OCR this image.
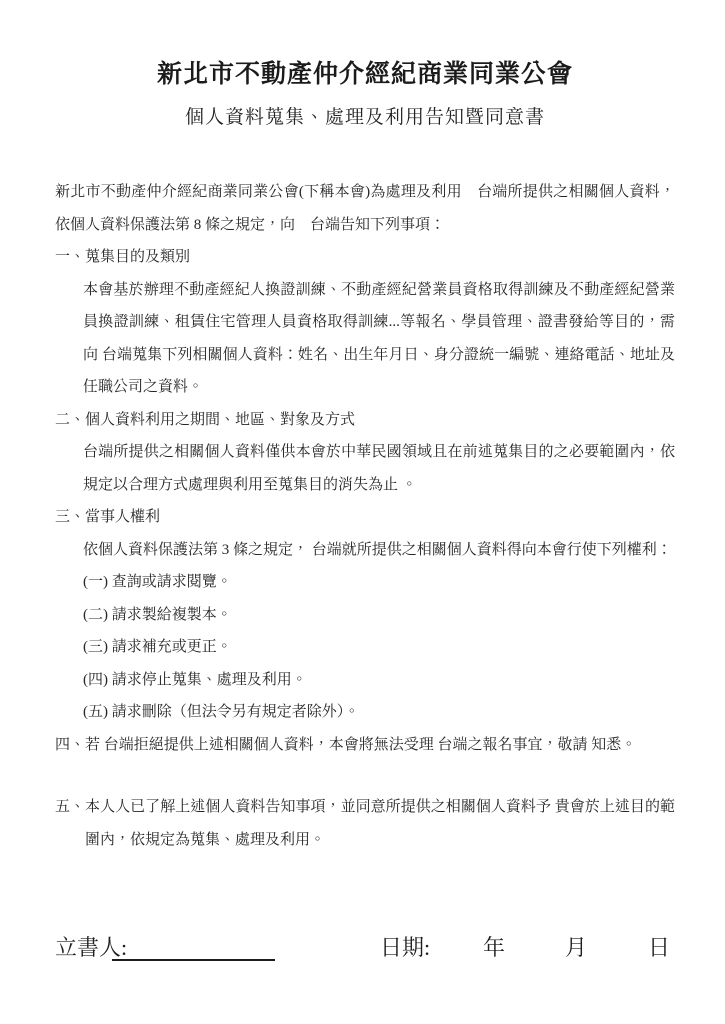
新北市不動產仲介經紀商業同業公會
個人資料蒐集、處理及利用告知暨同意書

新北市不動產仲介經紀商業同業公會(下稱本會)為處理及利用　台端所提供之相關個人資料，依個人資料保護法第 8 條之規定，向　台端告知下列事項：

一、蒐集目的及類別
本會基於辦理不動產經紀人換證訓練、不動產經紀營業員資格取得訓練及不動產經紀營業員換證訓練、租賃住宅管理人員資格取得訓練...等報名、學員管理、證書發給等目的，需向 台端蒐集下列相關個人資料：姓名、出生年月日、身分證統一編號、連絡電話、地址及任職公司之資料。
二、個人資料利用之期間、地區、對象及方式
台端所提供之相關個人資料僅供本會於中華民國領域且在前述蒐集目的之必要範圍內，依規定以合理方式處理與利用至蒐集目的消失為止 。
三、當事人權利
依個人資料保護法第 3 條之規定， 台端就所提供之相關個人資料得向本會行使下列權利：
(一) 查詢或請求閱覽。
(二) 請求製給複製本。
(三) 請求補充或更正。
(四) 請求停止蒐集、處理及利用。
(五) 請求刪除（但法令另有規定者除外）。
四、若 台端拒絕提供上述相關個人資料，本會將無法受理 台端之報名事宜，敬請 知悉。
五、本人人已了解上述個人資料告知事項，並同意所提供之相關個人資料予 貴會於上述目的範圍內，依規定為蒐集、處理及利用。
立書人:	日期: 年	月	日
